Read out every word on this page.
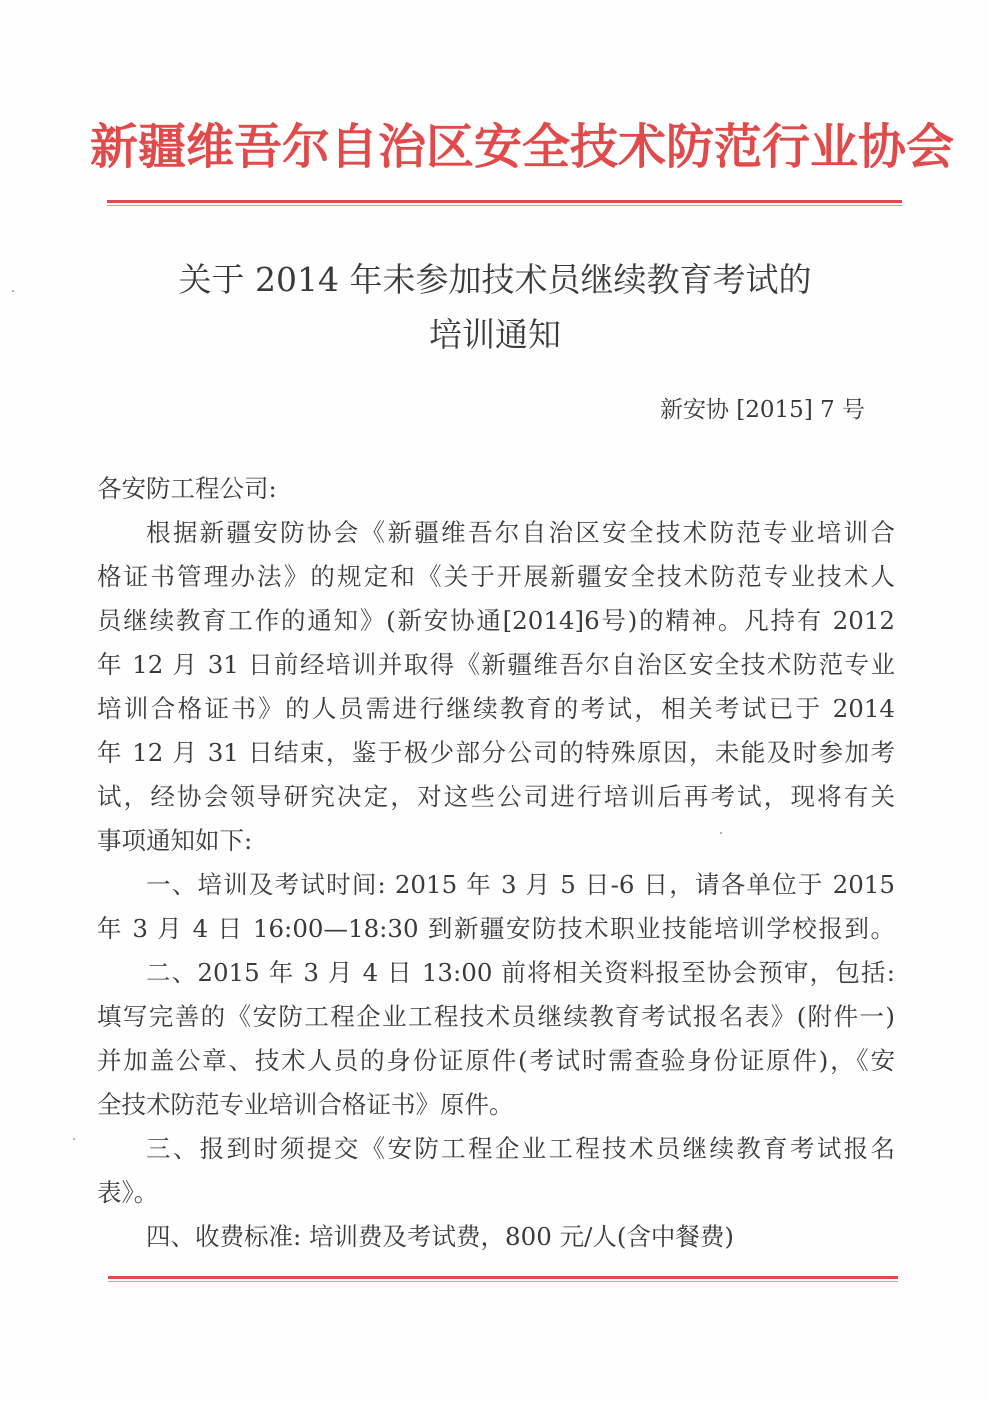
新疆维吾尔自治区安全技术防范行业协会
关于 2014 年未参加技术员继续教育考试的
培训通知
新安协 [2015] 7 号
各安防工程公司:
根据新疆安防协会《新疆维吾尔自治区安全技术防范专业培训合
格证书管理办法》的规定和《关于开展新疆安全技术防范专业技术人
员继续教育工作的通知》(新安协通[2014]6号)的精神。凡持有 2012
年 12 月 31 日前经培训并取得《新疆维吾尔自治区安全技术防范专业
培训合格证书》的人员需进行继续教育的考试，相关考试已于 2014
年 12 月 31 日结束，鉴于极少部分公司的特殊原因，未能及时参加考
试，经协会领导研究决定，对这些公司进行培训后再考试，现将有关
事项通知如下:
一、培训及考试时间: 2015 年 3 月 5 日-6 日，请各单位于 2015
年 3 月 4 日 16:00—18:30 到新疆安防技术职业技能培训学校报到。
二、2015 年 3 月 4 日 13:00 前将相关资料报至协会预审，包括:
填写完善的《安防工程企业工程技术员继续教育考试报名表》(附件一)
并加盖公章、技术人员的身份证原件(考试时需查验身份证原件)，《安
全技术防范专业培训合格证书》原件。
三、报到时须提交《安防工程企业工程技术员继续教育考试报名
表》。
四、收费标准: 培训费及考试费，800 元/人(含中餐费)
